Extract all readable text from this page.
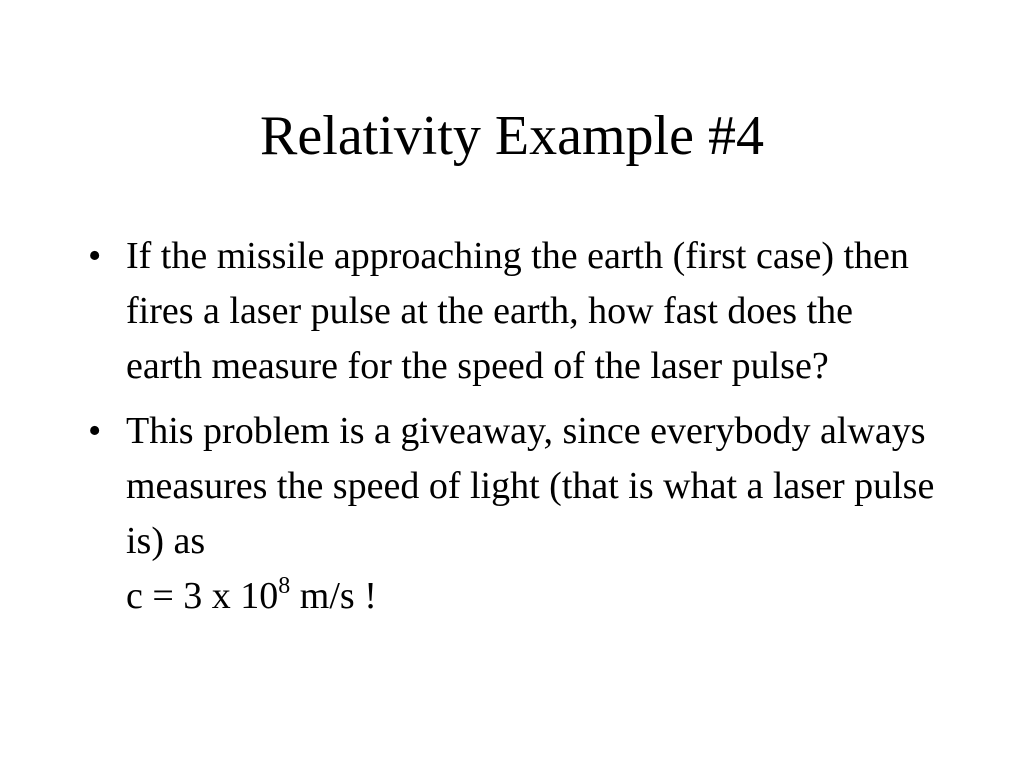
Relativity Example #4
• If the missile approaching the earth (first case) then fires a laser pulse at the earth, how fast does the earth measure for the speed of the laser pulse?
• This problem is a giveaway, since everybody always measures the speed of light (that is what a laser pulse is) as
c = 3 x $10^8$ m/s !
